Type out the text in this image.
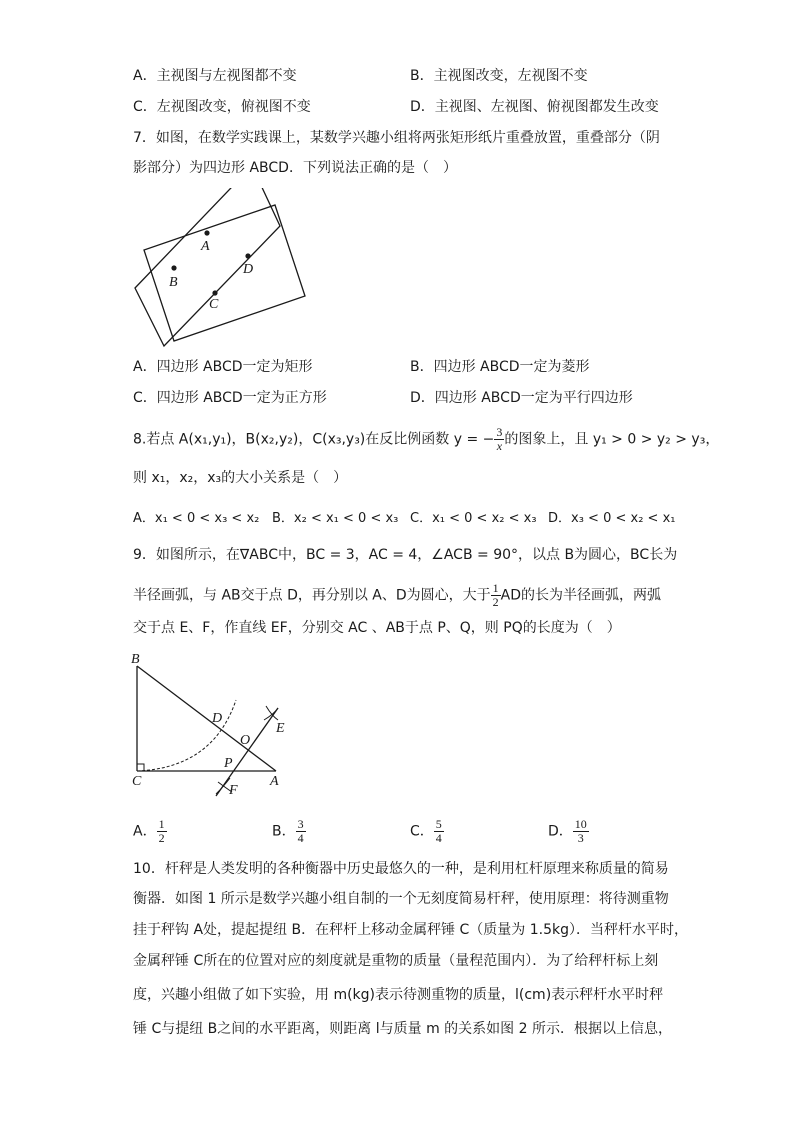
A．主视图与左视图都不变	B．主视图改变，左视图不变
C．左视图改变，俯视图不变	D．主视图、左视图、俯视图都发生改变
7．如图，在数学实践课上，某数学兴趣小组将两张矩形纸片重叠放置，重叠部分（阴
影部分）为四边形 ABCD．下列说法正确的是（　）
A
B
C
D
A．四边形 ABCD一定为矩形	B．四边形 ABCD一定为菱形
C．四边形 ABCD一定为正方形	D．四边形 ABCD一定为平行四边形
8.若点 A(x₁,y₁)，B(x₂,y₂)，C(x₃,y₃)在反比例函数 y = − $\frac{3}{x}$ 的图象上，且 y₁ > 0 > y₂ > y₃，
则 x₁，x₂，x₃的大小关系是（　）
A．x₁ < 0 < x₃ < x₂ B．x₂ < x₁ < 0 < x₃ C．x₁ < 0 < x₂ < x₃ D．x₃ < 0 < x₂ < x₁
9．如图所示，在∇ABC中，BC = 3，AC = 4，∠ACB = 90°，以点 B为圆心，BC长为
半径画弧，与 AB交于点 D，再分别以 A、D为圆心，大于 $\frac{1}{2}$ AD的长为半径画弧，两弧
交于点 E、F，作直线 EF，分别交 AC 、AB于点 P、Q，则 PQ的长度为（　）
B
D
E
O
P
C	A
F
A． $\frac{1}{2}$	B． $\frac{3}{4}$	C． $\frac{5}{4}$	D． $\frac{10}{3}$
10．杆秤是人类发明的各种衡器中历史最悠久的一种，是利用杠杆原理来称质量的简易
衡器．如图 1 所示是数学兴趣小组自制的一个无刻度简易杆秤，使用原理：将待测重物
挂于秤钩 A处，提起提纽 B．在秤杆上移动金属秤锤 C（质量为 1.5kg）．当秤杆水平时，
金属秤锤 C所在的位置对应的刻度就是重物的质量（量程范围内）．为了给秤杆标上刻
度，兴趣小组做了如下实验，用 m(kg)表示待测重物的质量，l(cm)表示秤杆水平时秤
锤 C与提纽 B之间的水平距离，则距离 l与质量 m 的关系如图 2 所示．根据以上信息，
